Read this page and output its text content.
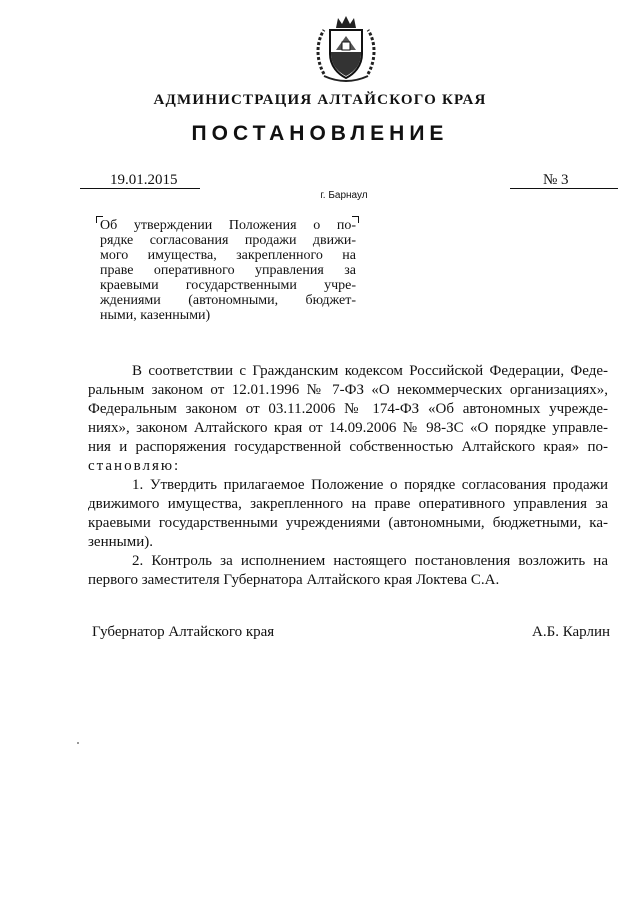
АДМИНИСТРАЦИЯ АЛТАЙСКОГО КРАЯ
ПОСТАНОВЛЕНИЕ
19.01.2015	№ 3
г. Барнаул
Об утверждении Положения о по-
рядке согласования продажи движи-
мого имущества, закрепленного на
праве оперативного управления за
краевыми государственными учре-
ждениями (автономными, бюджет-
ными, казенными)
В соответствии с Гражданским кодексом Российской Федерации, Феде-
ральным законом от 12.01.1996 № 7-ФЗ «О некоммерческих организациях»,
Федеральным законом от 03.11.2006 № 174-ФЗ «Об автономных учрежде-
ниях», законом Алтайского края от 14.09.2006 № 98-ЗС «О порядке управле-
ния и распоряжения государственной собственностью Алтайского края» по-
становляю:
1. Утвердить прилагаемое Положение о порядке согласования продажи
движимого имущества, закрепленного на праве оперативного управления за
краевыми государственными учреждениями (автономными, бюджетными, ка-
зенными).
2. Контроль за исполнением настоящего постановления возложить на
первого заместителя Губернатора Алтайского края Локтева С.А.
Губернатор Алтайского края	А.Б. Карлин
